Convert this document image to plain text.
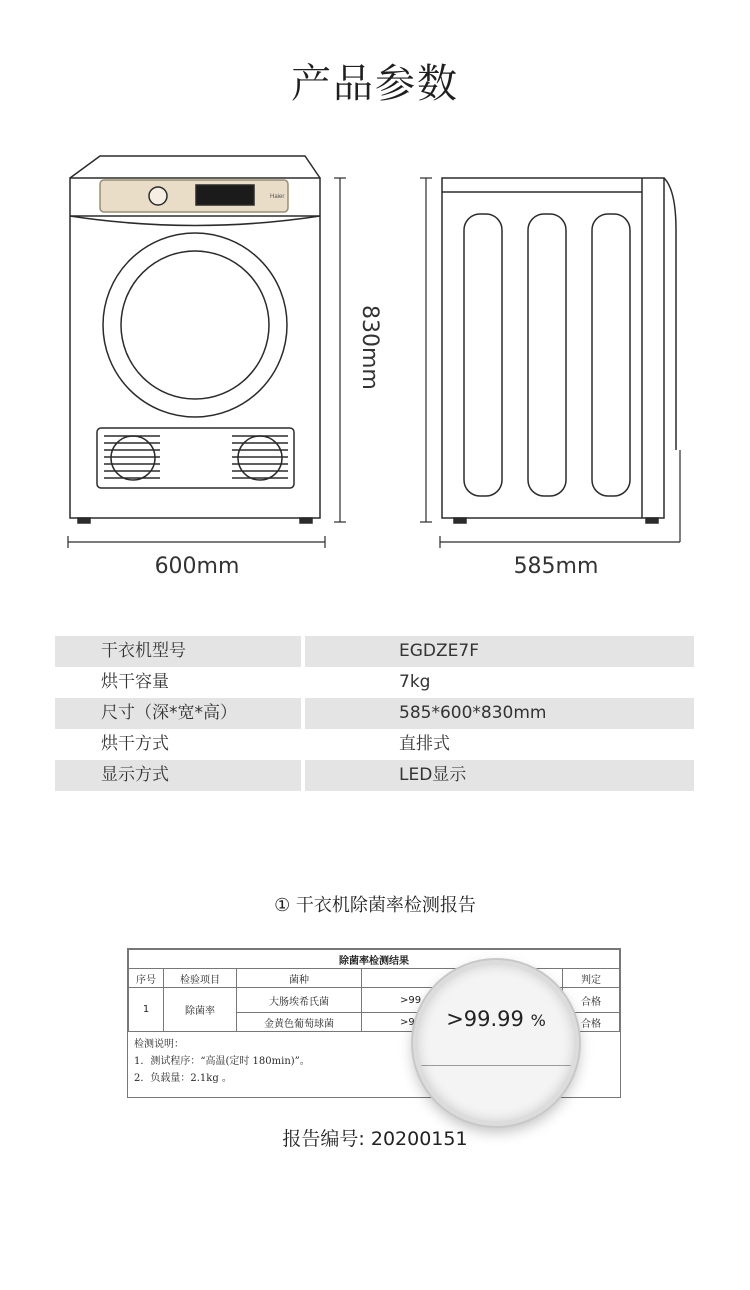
产品参数
Haier
600mm	585mm
830mm
干衣机型号	EGDZE7F
烘干容量	7kg
尺寸（深*宽*高）	585*600*830mm
烘干方式	直排式
显示方式	LED显示
① 干衣机除菌率检测报告
除菌率检测结果				
序号	检验项目	菌种		判定
1	除菌率	大肠埃希氏菌	>99	合格
		金黄色葡萄球菌	>9	合格
检测说明：
1．测试程序：“高温(定时 180min)”。
2．负载量：2.1kg 。
>99.99 %
报告编号: 20200151
